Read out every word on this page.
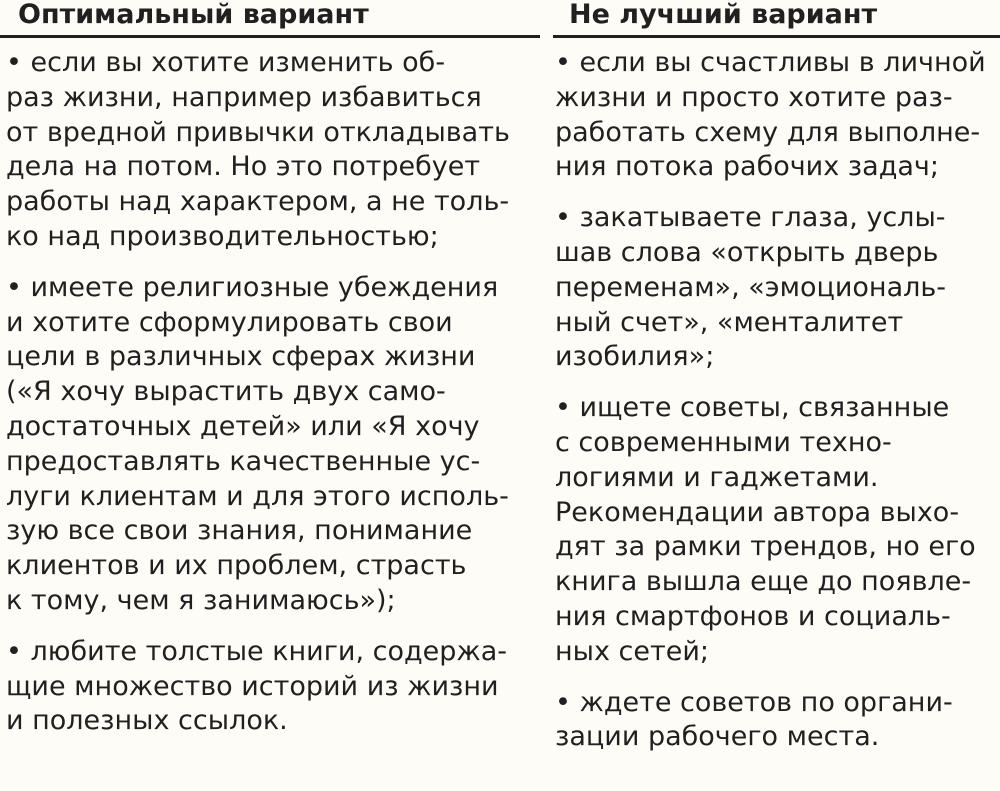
Оптимальный вариант
• если вы хотите изменить об-
раз жизни, например избавиться
от вредной привычки откладывать
дела на потом. Но это потребует
работы над характером, а не толь-
ко над производительностью;
• имеете религиозные убеждения
и хотите сформулировать свои
цели в различных сферах жизни
(«Я хочу вырастить двух само-
достаточных детей» или «Я хочу
предоставлять качественные ус-
луги клиентам и для этого исполь-
зую все свои знания, понимание
клиентов и их проблем, страсть
к тому, чем я занимаюсь»);
• любите толстые книги, содержа-
щие множество историй из жизни
и полезных ссылок.
Не лучший вариант
• если вы счастливы в личной
жизни и просто хотите раз-
работать схему для выполне-
ния потока рабочих задач;
• закатываете глаза, услы-
шав слова «открыть дверь
переменам», «эмоциональ-
ный счет», «менталитет
изобилия»;
• ищете советы, связанные
с современными техно-
логиями и гаджетами.
Рекомендации автора выхо-
дят за рамки трендов, но его
книга вышла еще до появле-
ния смартфонов и социаль-
ных сетей;
• ждете советов по органи-
зации рабочего места.
